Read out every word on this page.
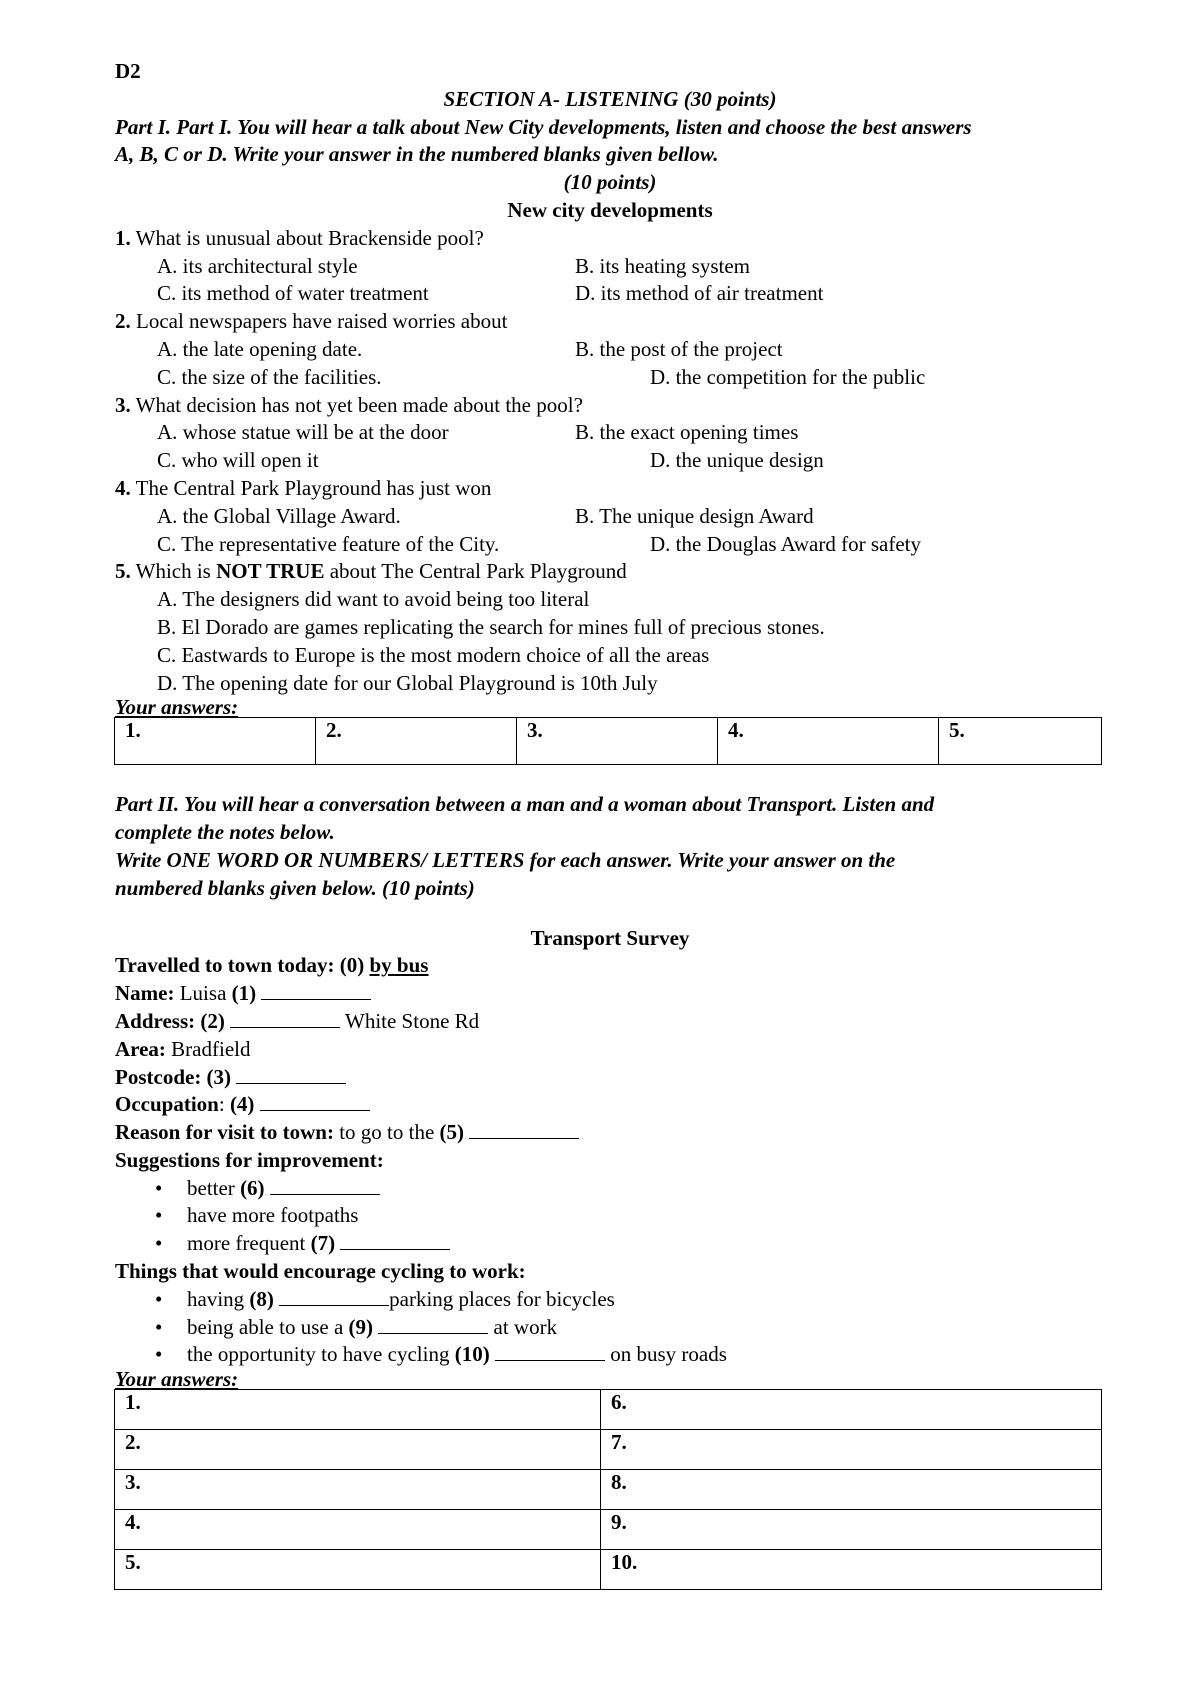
D2
SECTION A- LISTENING (30 points)
Part I. Part I. You will hear a talk about New City developments, listen and choose the best answers
A, B, C or D. Write your answer in the numbered blanks given bellow.
(10 points)
New city developments
1. What is unusual about Brackenside pool?
A. its architectural style	B. its heating system
C. its method of water treatment	D. its method of air treatment
2. Local newspapers have raised worries about
A. the late opening date.	B. the post of the project
C. the size of the facilities.	D. the competition for the public
3. What decision has not yet been made about the pool?
A. whose statue will be at the door	B. the exact opening times
C. who will open it	D. the unique design
4. The Central Park Playground has just won
A. the Global Village Award.	B. The unique design Award
C. The representative feature of the City.	D. the Douglas Award for safety
5. Which is NOT TRUE about The Central Park Playground
A. The designers did want to avoid being too literal
B. El Dorado are games replicating the search for mines full of precious stones.
C. Eastwards to Europe is the most modern choice of all the areas
D. The opening date for our Global Playground is 10th July
Your answers:
1.	2.	3.	4.	5.
Part II. You will hear a conversation between a man and a woman about Transport. Listen and
complete the notes below.
Write ONE WORD OR NUMBERS/ LETTERS for each answer. Write your answer on the
numbered blanks given below. (10 points)
Transport Survey
Travelled to town today: (0) by bus
Name: Luisa (1)
Address: (2)	White Stone Rd
Area: Bradfield
Postcode: (3)
Occupation: (4)
Reason for visit to town: to go to the (5)
Suggestions for improvement:
• better (6)
• have more footpaths
• more frequent (7)
Things that would encourage cycling to work:
• having (8)	parking places for bicycles
• being able to use a (9)	at work
• the opportunity to have cycling (10)	on busy roads
Your answers:
1.	6.
2.	7.
3.	8.
4.	9.
5.	10.
